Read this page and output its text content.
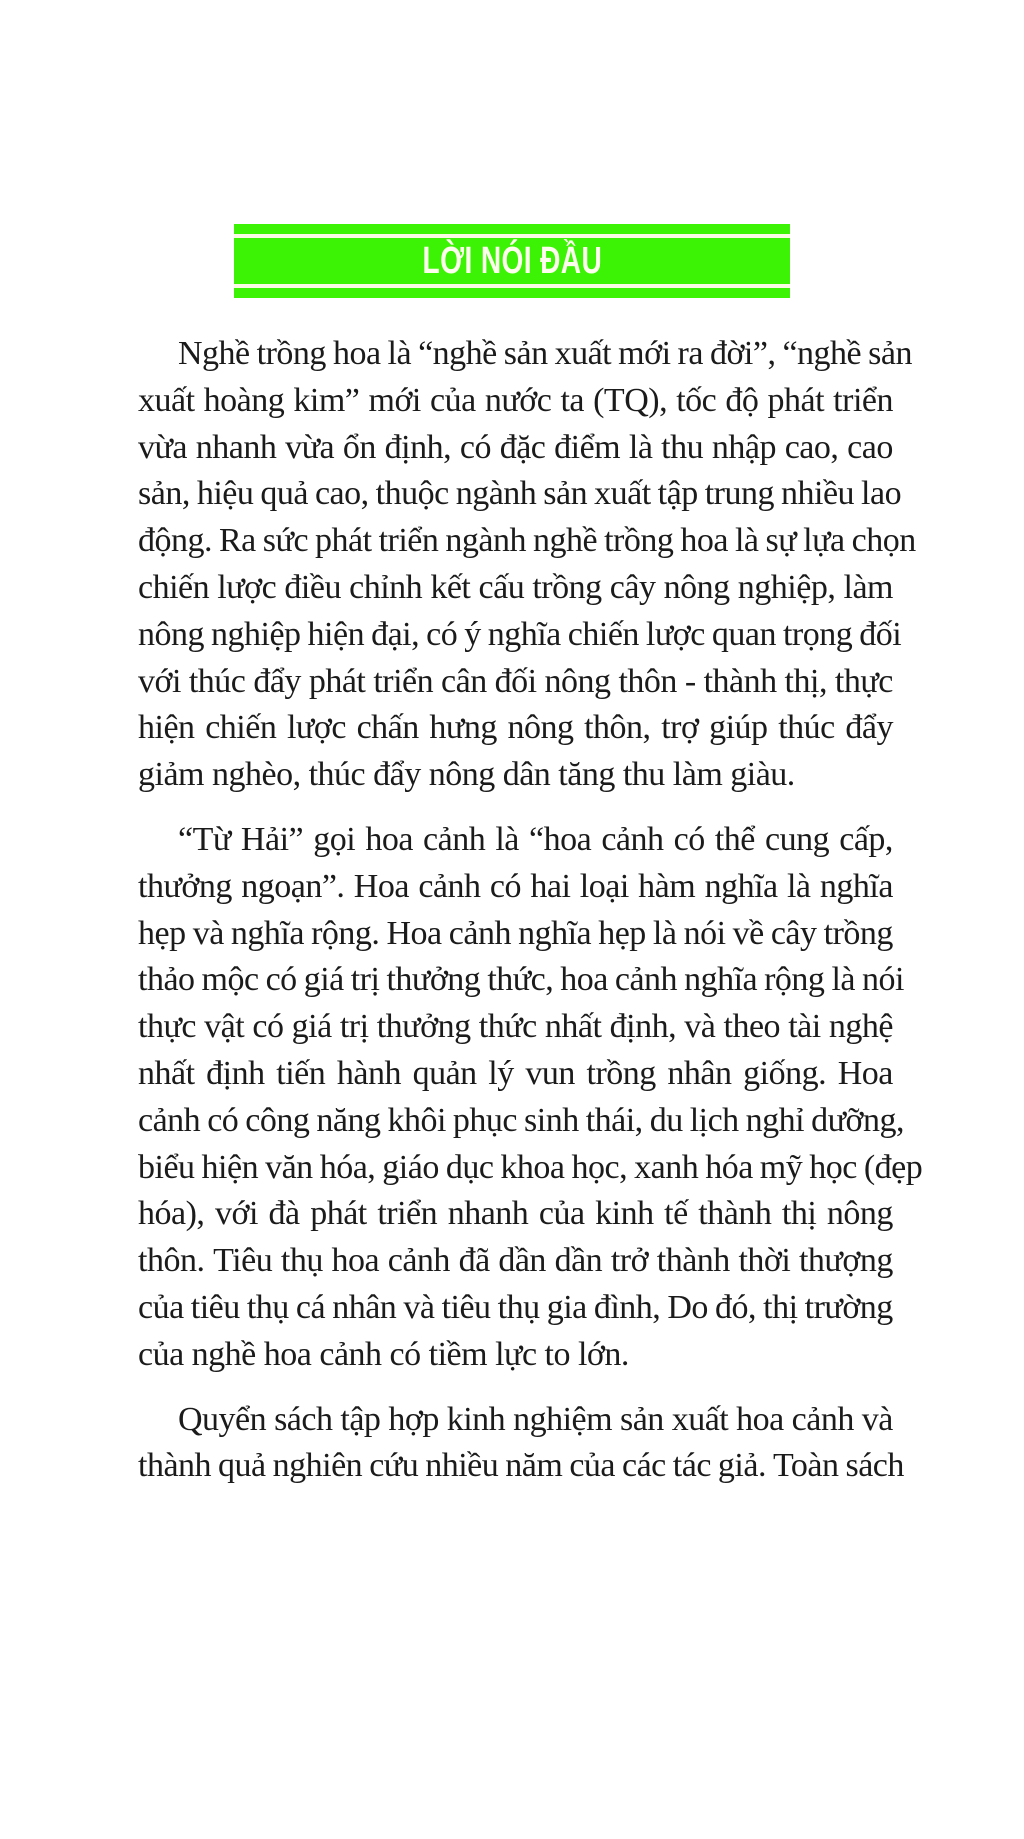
LỜI NÓI ĐẦU
Nghề trồng hoa là “nghề sản xuất mới ra đời”, “nghề sản
xuất hoàng kim” mới của nước ta (TQ), tốc độ phát triển
vừa nhanh vừa ổn định, có đặc điểm là thu nhập cao, cao
sản, hiệu quả cao, thuộc ngành sản xuất tập trung nhiều lao
động. Ra sức phát triển ngành nghề trồng hoa là sự lựa chọn
chiến lược điều chỉnh kết cấu trồng cây nông nghiệp, làm
nông nghiệp hiện đại, có ý nghĩa chiến lược quan trọng đối
với thúc đẩy phát triển cân đối nông thôn - thành thị, thực
hiện chiến lược chấn hưng nông thôn, trợ giúp thúc đẩy
giảm nghèo, thúc đẩy nông dân tăng thu làm giàu.
“Từ Hải” gọi hoa cảnh là “hoa cảnh có thể cung cấp,
thưởng ngoạn”. Hoa cảnh có hai loại hàm nghĩa là nghĩa
hẹp và nghĩa rộng. Hoa cảnh nghĩa hẹp là nói về cây trồng
thảo mộc có giá trị thưởng thức, hoa cảnh nghĩa rộng là nói
thực vật có giá trị thưởng thức nhất định, và theo tài nghệ
nhất định tiến hành quản lý vun trồng nhân giống. Hoa
cảnh có công năng khôi phục sinh thái, du lịch nghỉ dưỡng,
biểu hiện văn hóa, giáo dục khoa học, xanh hóa mỹ học (đẹp
hóa), với đà phát triển nhanh của kinh tế thành thị nông
thôn. Tiêu thụ hoa cảnh đã dần dần trở thành thời thượng
của tiêu thụ cá nhân và tiêu thụ gia đình, Do đó, thị trường
của nghề hoa cảnh có tiềm lực to lớn.
Quyển sách tập hợp kinh nghiệm sản xuất hoa cảnh và
thành quả nghiên cứu nhiều năm của các tác giả. Toàn sách
